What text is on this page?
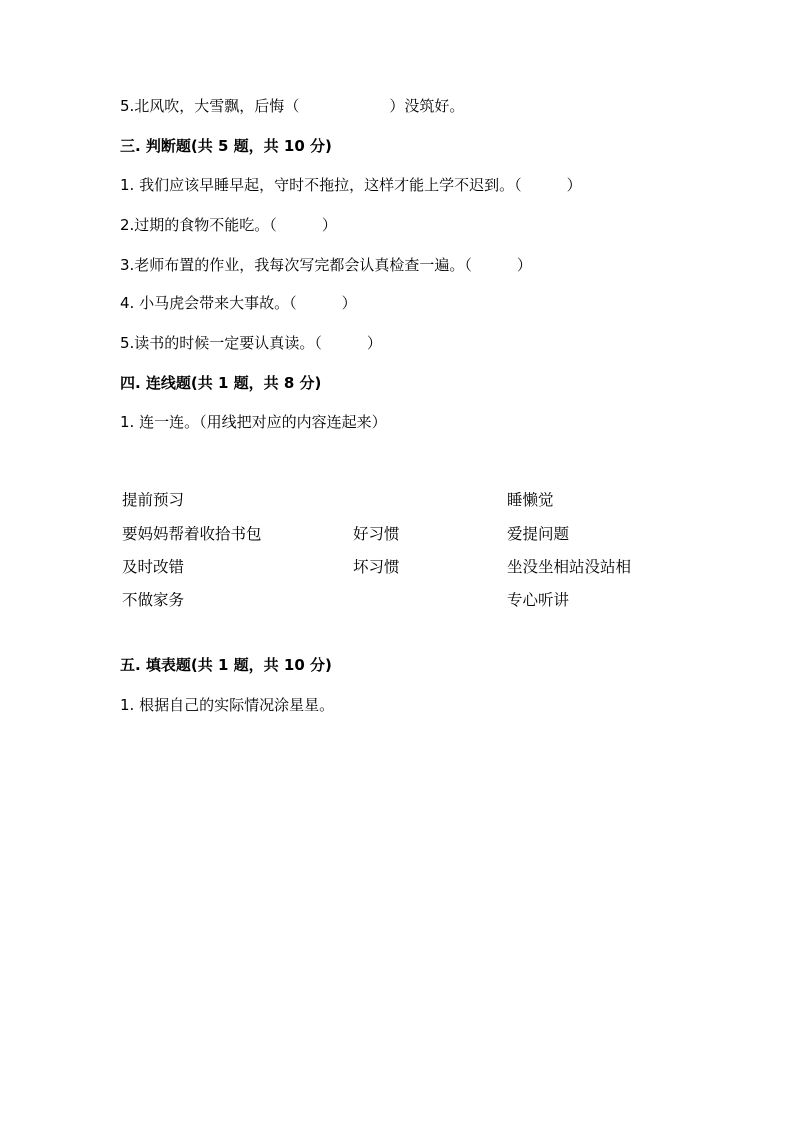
5.北风吹，大雪飘，后悔（　　　　　　）没筑好。
三. 判断题(共 5 题，共 10 分)
1. 我们应该早睡早起，守时不拖拉，这样才能上学不迟到。（　　　）
2.过期的食物不能吃。（　　　）
3.老师布置的作业，我每次写完都会认真检查一遍。（　　　）
4. 小马虎会带来大事故。（　　　）
5.读书的时候一定要认真读。（　　　）
四. 连线题(共 1 题，共 8 分)
1. 连一连。（用线把对应的内容连起来）
提前预习
要妈妈帮着收拾书包
及时改错
不做家务
好习惯
坏习惯
睡懒觉
爱提问题
坐没坐相站没站相
专心听讲
五. 填表题(共 1 题，共 10 分)
1. 根据自己的实际情况涂星星。
